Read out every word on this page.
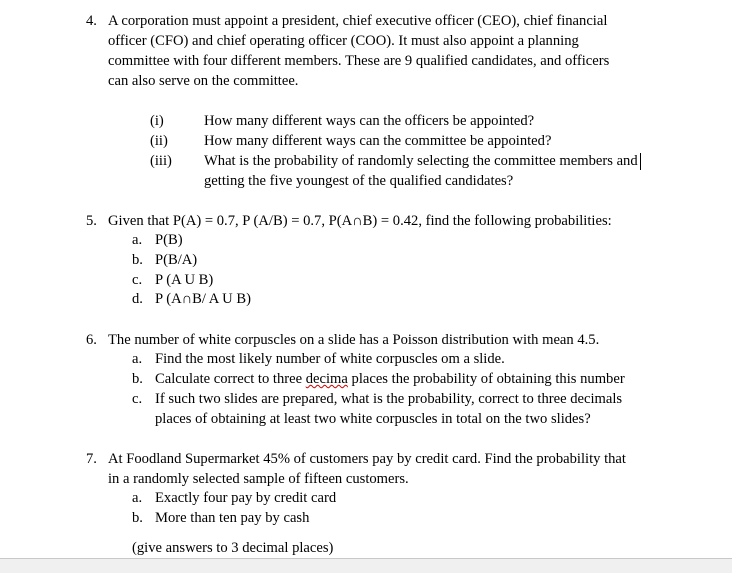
4. A corporation must appoint a president, chief executive officer (CEO), chief financial
officer (CFO) and chief operating officer (COO). It must also appoint a planning
committee with four different members. These are 9 qualified candidates, and officers
can also serve on the committee.
(i)	How many different ways can the officers be appointed?
(ii) How many different ways can the committee be appointed?
(iii) What is the probability of randomly selecting the committee members and
getting the five youngest of the qualified candidates?
5. Given that P(A) = 0.7, P (A/B) = 0.7, P(A∩B) = 0.42, find the following probabilities:
a. P(B)
b. P(B/A)
c. P (A U B)
d. P (A∩B/ A U B)
6. The number of white corpuscles on a slide has a Poisson distribution with mean 4.5.
a. Find the most likely number of white corpuscles om a slide.
b. Calculate correct to three decima places the probability of obtaining this number
c. If such two slides are prepared, what is the probability, correct to three decimals
places of obtaining at least two white corpuscles in total on the two slides?
7. At Foodland Supermarket 45% of customers pay by credit card. Find the probability that
in a randomly selected sample of fifteen customers.
a. Exactly four pay by credit card
b. More than ten pay by cash
(give answers to 3 decimal places)
